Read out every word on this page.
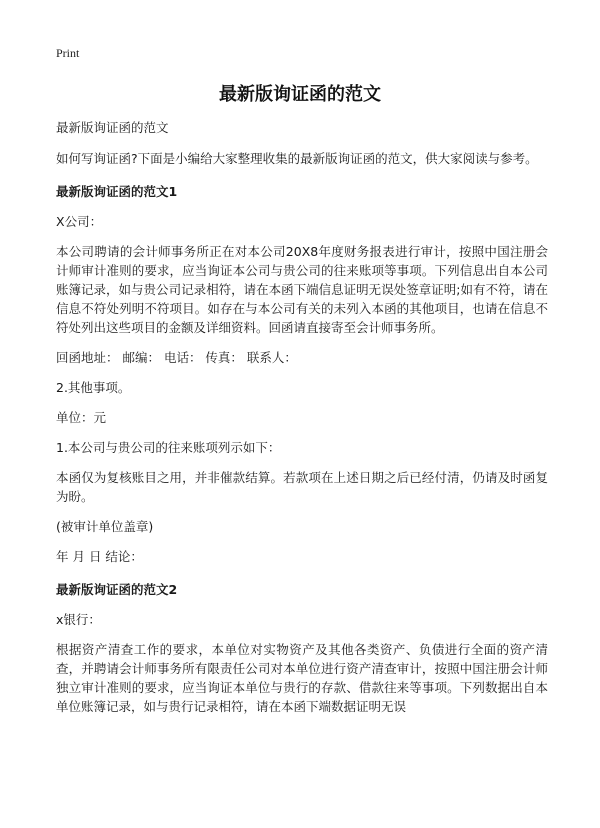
Print
最新版询证函的范文

最新版询证函的范文

如何写询证函?下面是小编给大家整理收集的最新版询证函的范文，供大家阅读与参考。

最新版询证函的范文1

X公司：

本公司聘请的会计师事务所正在对本公司20X8年度财务报表进行审计，按照中国注册会计师审计准则的要求，应当询证本公司与贵公司的往来账项等事项。下列信息出自本公司账簿记录，如与贵公司记录相符，请在本函下端信息证明无误处签章证明;如有不符，请在信息不符处列明不符项目。如存在与本公司有关的未列入本函的其他项目，也请在信息不符处列出这些项目的金额及详细资料。回函请直接寄至会计师事务所。

回函地址： 邮编： 电话： 传真： 联系人：

2.其他事项。

单位：元

1.本公司与贵公司的往来账项列示如下：

本函仅为复核账目之用，并非催款结算。若款项在上述日期之后已经付清，仍请及时函复为盼。

(被审计单位盖章)

年 月 日 结论：

最新版询证函的范文2

x银行：

根据资产清查工作的要求，本单位对实物资产及其他各类资产、负债进行全面的资产清查，并聘请会计师事务所有限责任公司对本单位进行资产清查审计，按照中国注册会计师独立审计准则的要求，应当询证本单位与贵行的存款、借款往来等事项。下列数据出自本单位账簿记录，如与贵行记录相符，请在本函下端数据证明无误
